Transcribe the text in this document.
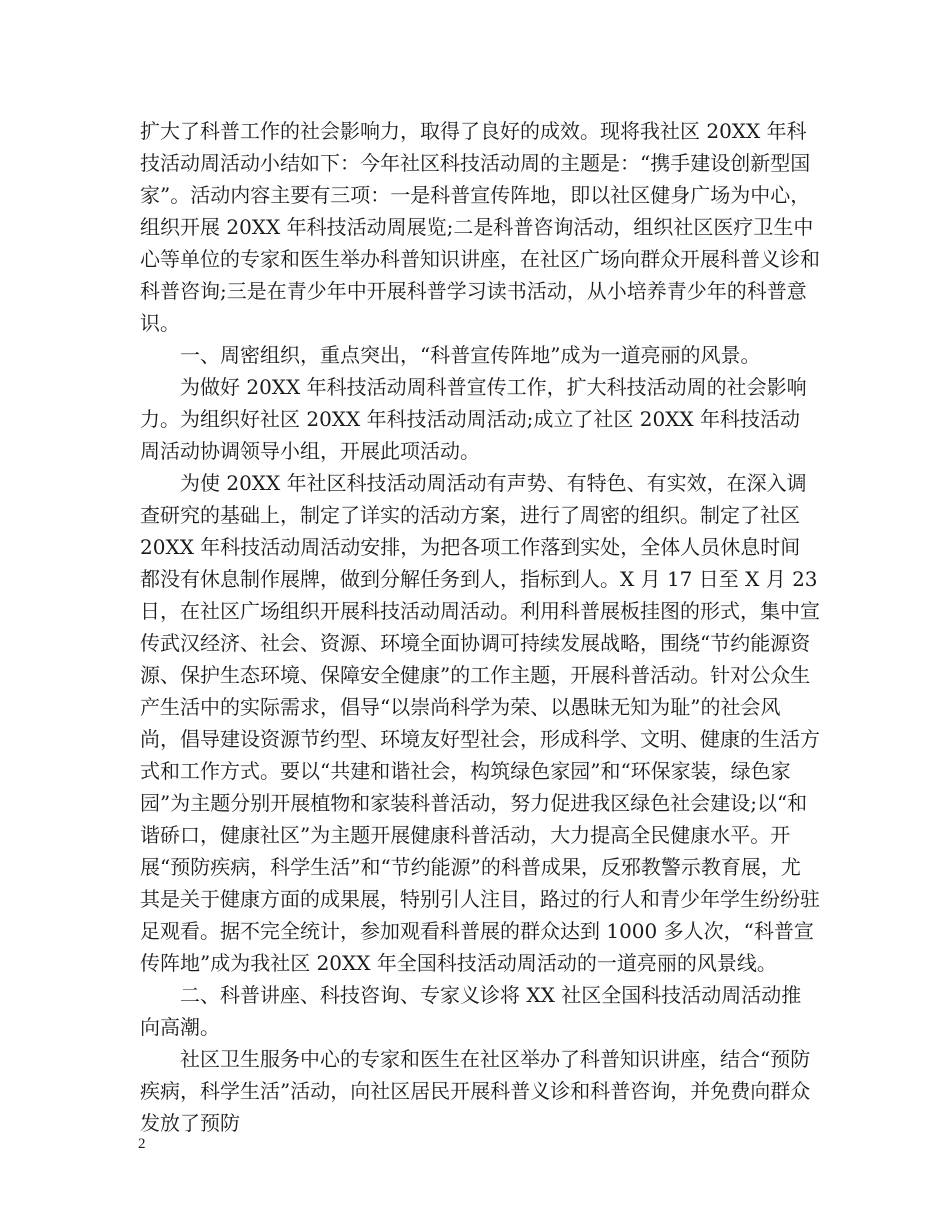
扩大了科普工作的社会影响力，取得了良好的成效。现将我社区 20XX 年科技活动周活动小结如下：今年社区科技活动周的主题是：“携手建设创新型国家”。活动内容主要有三项：一是科普宣传阵地，即以社区健身广场为中心，组织开展 20XX 年科技活动周展览;二是科普咨询活动，组织社区医疗卫生中心等单位的专家和医生举办科普知识讲座，在社区广场向群众开展科普义诊和科普咨询;三是在青少年中开展科普学习读书活动，从小培养青少年的科普意识。

一、周密组织，重点突出，“科普宣传阵地”成为一道亮丽的风景。

为做好 20XX 年科技活动周科普宣传工作，扩大科技活动周的社会影响力。为组织好社区 20XX 年科技活动周活动;成立了社区 20XX 年科技活动周活动协调领导小组，开展此项活动。

为使 20XX 年社区科技活动周活动有声势、有特色、有实效，在深入调查研究的基础上，制定了详实的活动方案，进行了周密的组织。制定了社区 20XX 年科技活动周活动安排，为把各项工作落到实处，全体人员休息时间都没有休息制作展牌，做到分解任务到人，指标到人。X 月 17 日至 X 月 23 日，在社区广场组织开展科技活动周活动。利用科普展板挂图的形式，集中宣传武汉经济、社会、资源、环境全面协调可持续发展战略，围绕“节约能源资源、保护生态环境、保障安全健康”的工作主题，开展科普活动。针对公众生产生活中的实际需求，倡导“以崇尚科学为荣、以愚昧无知为耻”的社会风尚，倡导建设资源节约型、环境友好型社会，形成科学、文明、健康的生活方式和工作方式。要以“共建和谐社会，构筑绿色家园”和“环保家装，绿色家园”为主题分别开展植物和家装科普活动，努力促进我区绿色社会建设;以“和谐硚口，健康社区”为主题开展健康科普活动，大力提高全民健康水平。开展“预防疾病，科学生活”和“节约能源”的科普成果，反邪教警示教育展，尤其是关于健康方面的成果展，特别引人注目，路过的行人和青少年学生纷纷驻足观看。据不完全统计，参加观看科普展的群众达到 1000 多人次，“科普宣传阵地”成为我社区 20XX 年全国科技活动周活动的一道亮丽的风景线。

二、科普讲座、科技咨询、专家义诊将 XX 社区全国科技活动周活动推向高潮。

社区卫生服务中心的专家和医生在社区举办了科普知识讲座，结合“预防疾病，科学生活”活动，向社区居民开展科普义诊和科普咨询，并免费向群众发放了预防

2
